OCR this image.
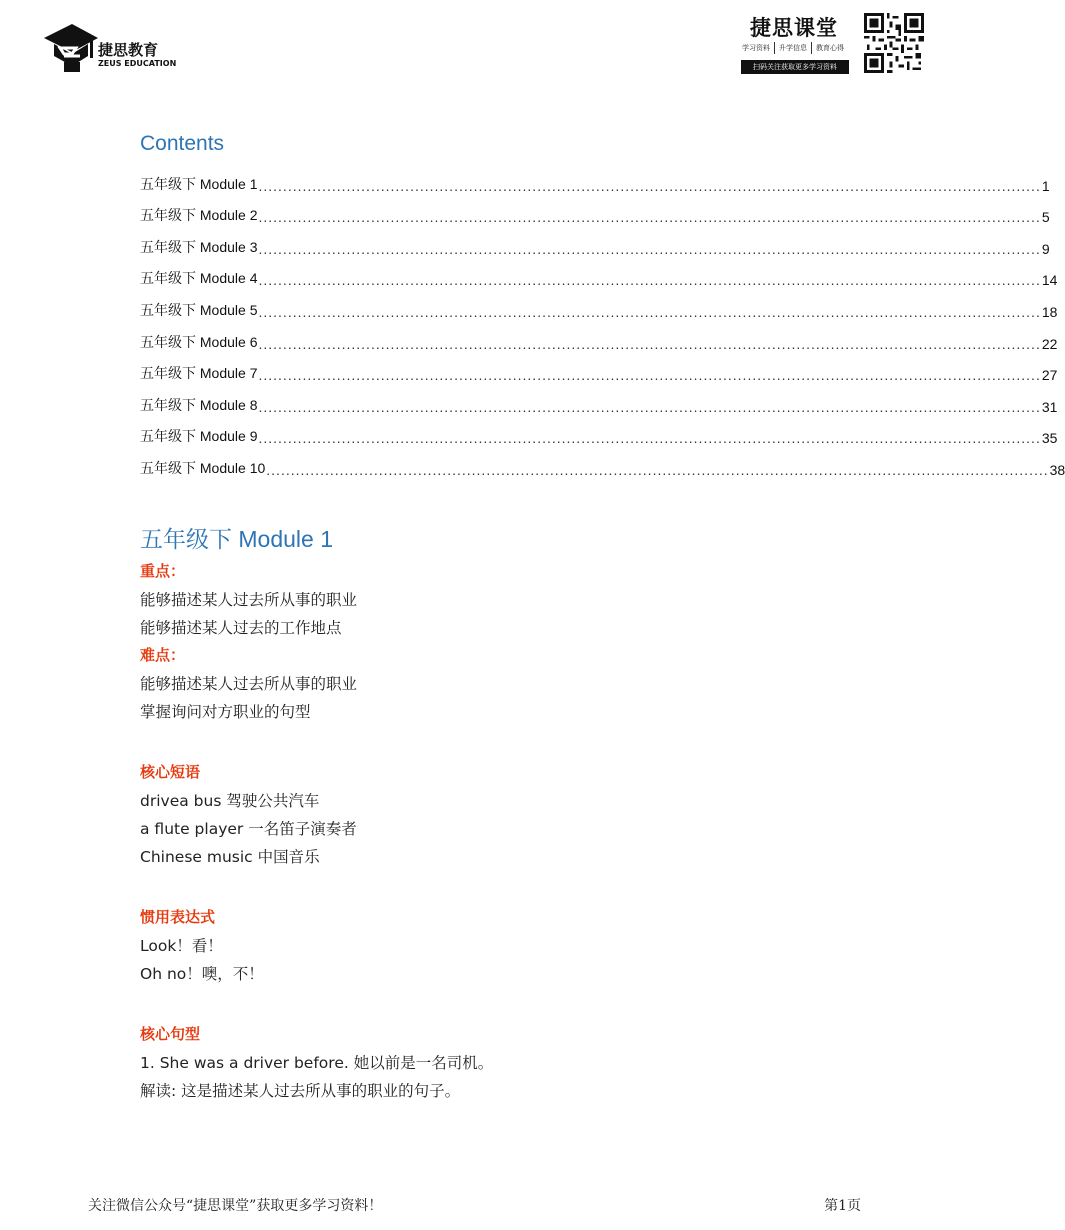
捷思教育
ZEUS EDUCATION
捷思课堂
学习资料 升学信息 教育心得
扫码关注获取更多学习资料
Contents
五年级下 Module 1 ................................................................................................................................................................ 1
五年级下 Module 2 ................................................................................................................................................................ 5
五年级下 Module 3 ................................................................................................................................................................ 9
五年级下 Module 4 ................................................................................................................................................................ 14
五年级下 Module 5 ................................................................................................................................................................ 18
五年级下 Module 6 ................................................................................................................................................................ 22
五年级下 Module 7 ................................................................................................................................................................ 27
五年级下 Module 8 ................................................................................................................................................................ 31
五年级下 Module 9 ................................................................................................................................................................ 35
五年级下 Module 10 ................................................................................................................................................................ 38
五年级下 Module 1
重点：
能够描述某人过去所从事的职业
能够描述某人过去的工作地点
难点：
能够描述某人过去所从事的职业
掌握询问对方职业的句型
核心短语
drivea bus 驾驶公共汽车
a flute player 一名笛子演奏者
Chinese music 中国音乐
惯用表达式
Look！看！
Oh no！噢，不！
核心句型
1. She was a driver before. 她以前是一名司机。
解读: 这是描述某人过去所从事的职业的句子。
关注微信公众号“捷思课堂”获取更多学习资料！	第1页
